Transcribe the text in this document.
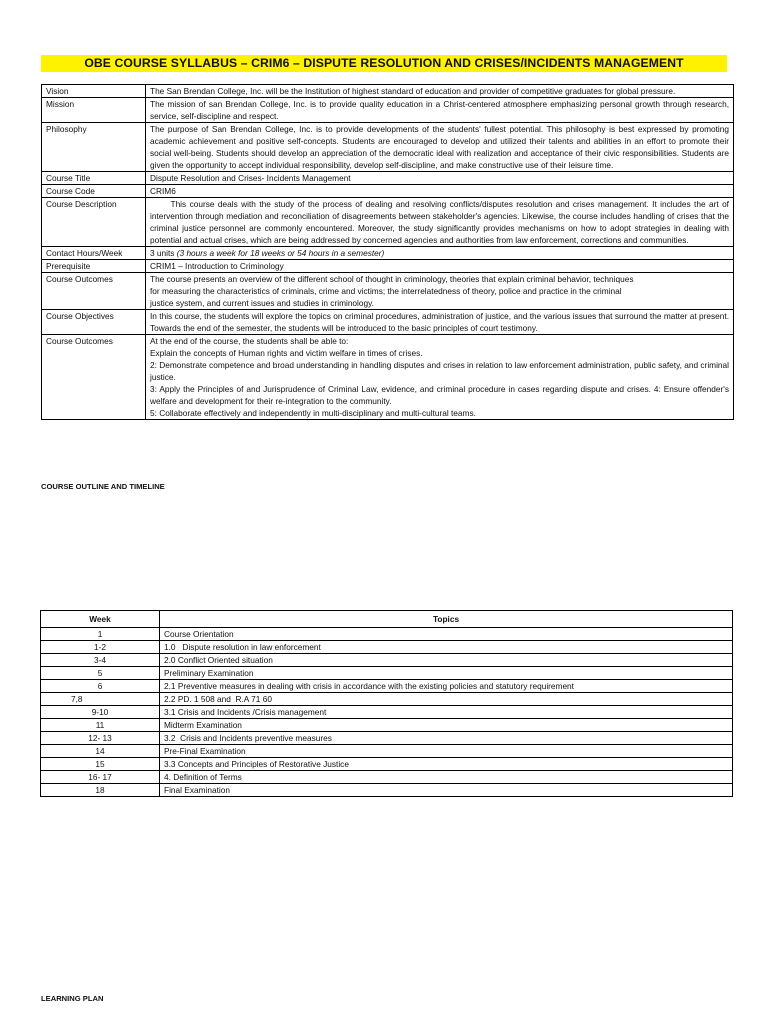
OBE COURSE SYLLABUS – CRIM6 – DISPUTE RESOLUTION AND CRISES/INCIDENTS MANAGEMENT
Vision	The San Brendan College, Inc. will be the Institution of highest standard of education and provider of competitive graduates for global pressure.
Mission	The mission of san Brendan College, Inc. is to provide quality education in a Christ-centered atmosphere emphasizing personal growth through research, service, self-discipline and respect.
Philosophy	The purpose of San Brendan College, Inc. is to provide developments of the students' fullest potential. This philosophy is best expressed by promoting academic achievement and positive self-concepts. Students are encouraged to develop and utilized their talents and abilities in an effort to promote their social well-being. Students should develop an appreciation of the democratic ideal with realization and acceptance of their civic responsibilities. Students are given the opportunity to accept individual responsibility, develop self-discipline, and make constructive use of their leisure time.
Course Title	Dispute Resolution and Crises- Incidents Management
Course Code	CRIM6
Course Description	This course deals with the study of the process of dealing and resolving conflicts/disputes resolution and crises management. It includes the art of intervention through mediation and reconciliation of disagreements between stakeholder's agencies. Likewise, the course includes handling of crises that the criminal justice personnel are commonly encountered. Moreover, the study significantly provides mechanisms on how to adopt strategies in dealing with potential and actual crises, which are being addressed by concerned agencies and authorities from law enforcement, corrections and communities.
Contact Hours/Week	3 units (3 hours a week for 18 weeks or 54 hours in a semester)
Prerequisite	CRIM1 – Introduction to Criminology
Course Outcomes	The course presents an overview of the different school of thought in criminology, theories that explain criminal behavior, techniques
for measuring the characteristics of criminals, crime and victims; the interrelatedness of theory, police and practice in the criminal
justice system, and current issues and studies in criminology.

Course Objectives	In this course, the students will explore the topics on criminal procedures, administration of justice, and the various issues that surround the matter at present. Towards the end of the semester, the students will be introduced to the basic principles of court testimony.
Course Outcomes	At the end of the course, the students shall be able to:
Explain the concepts of Human rights and victim welfare in times of crises.
2: Demonstrate competence and broad understanding in handling disputes and crises in relation to law enforcement administration, public safety, and criminal justice.
3: Apply the Principles of and Jurisprudence of Criminal Law, evidence, and criminal procedure in cases regarding dispute and crises. 4: Ensure offender's welfare and development for their re-integration to the community.
5: Collaborate effectively and independently in multi-disciplinary and multi-cultural teams.
COURSE OUTLINE AND TIMELINE
Week	Topics
1	Course Orientation
1-2	1.0   Dispute resolution in law enforcement
3-4	2.0 Conflict Oriented situation
5	Preliminary Examination
6	2.1 Preventive measures in dealing with crisis in accordance with the existing policies and statutory requirement
7,8	2.2 PD. 1 508 and  R.A 71 60
9-10	3.1 Crisis and Incidents /Crisis management
11	Midterm Examination
12- 13	3.2  Crisis and Incidents preventive measures
14	Pre-Final Examination
15	3.3 Concepts and Principles of Restorative Justice
16- 17	4. Definition of Terms
18	Final Examination
LEARNING PLAN
